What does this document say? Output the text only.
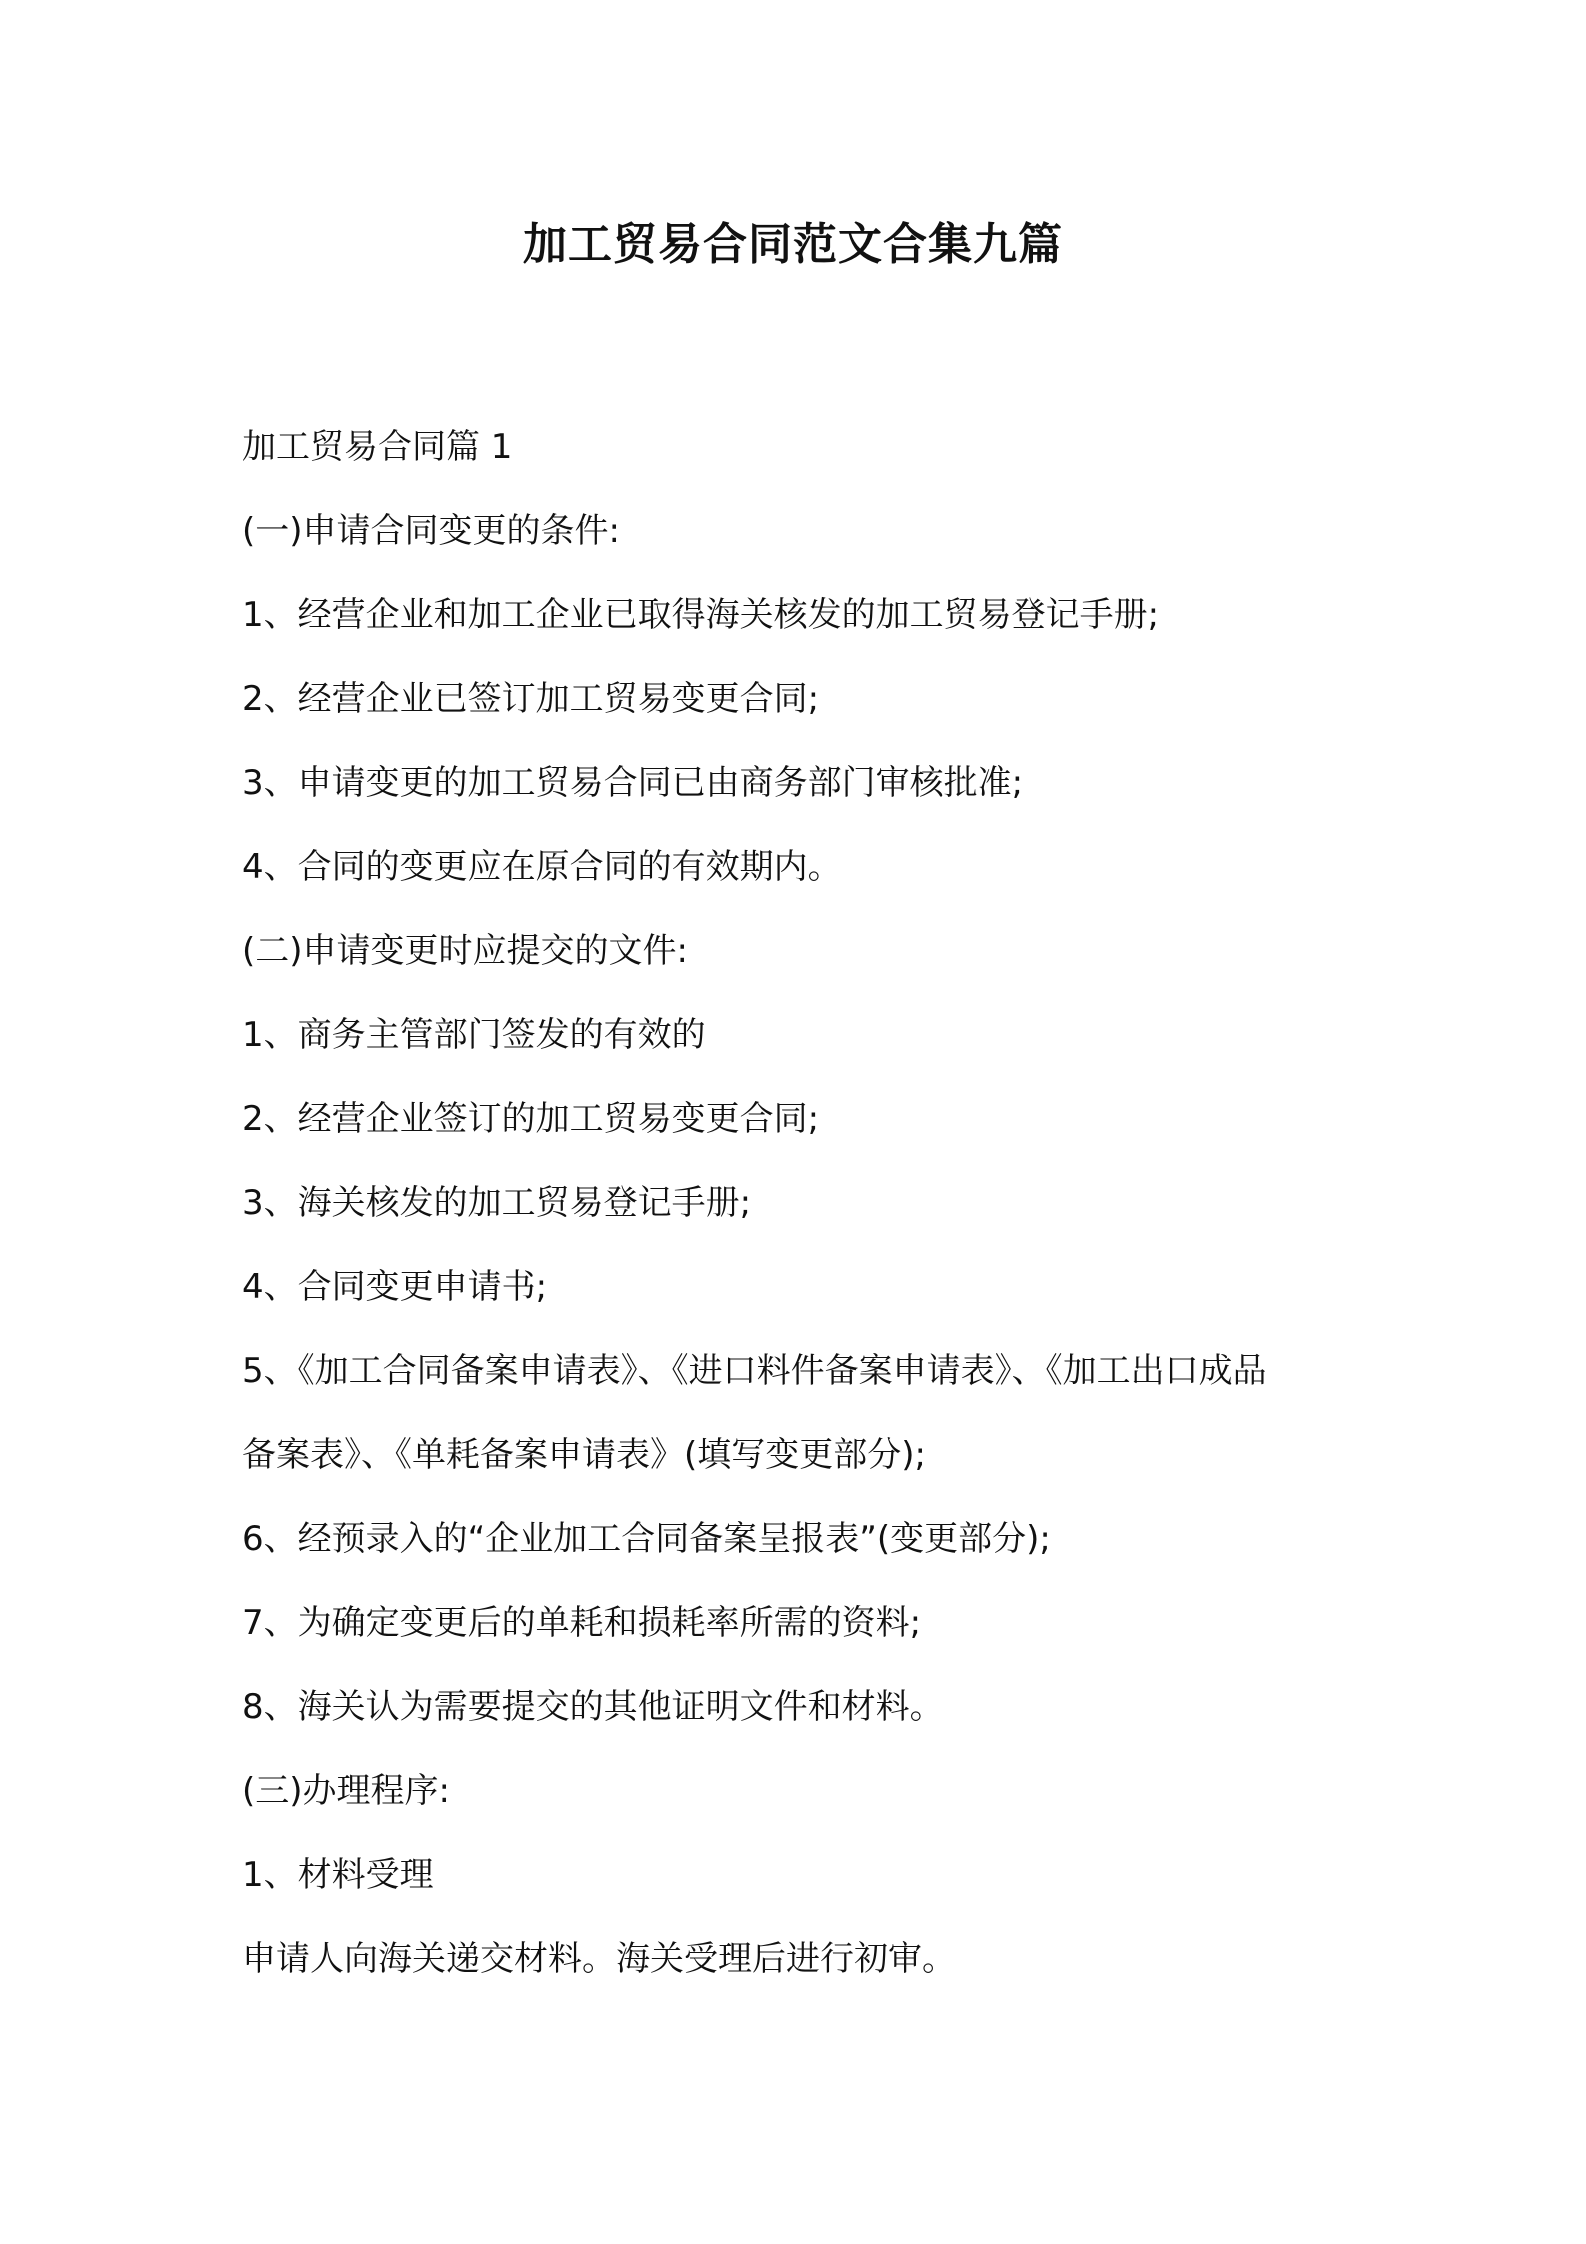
加工贸易合同范文合集九篇

加工贸易合同篇 1

(一)申请合同变更的条件:

1、经营企业和加工企业已取得海关核发的加工贸易登记手册;

2、经营企业已签订加工贸易变更合同;

3、申请变更的加工贸易合同已由商务部门审核批准;

4、合同的变更应在原合同的有效期内。

(二)申请变更时应提交的文件:

1、商务主管部门签发的有效的

2、经营企业签订的加工贸易变更合同;

3、海关核发的加工贸易登记手册;

4、合同变更申请书;

5、《加工合同备案申请表》、《进口料件备案申请表》、《加工出口成品

备案表》、《单耗备案申请表》(填写变更部分);

6、经预录入的“企业加工合同备案呈报表”(变更部分);

7、为确定变更后的单耗和损耗率所需的资料;

8、海关认为需要提交的其他证明文件和材料。

(三)办理程序:

1、材料受理

申请人向海关递交材料。海关受理后进行初审。
